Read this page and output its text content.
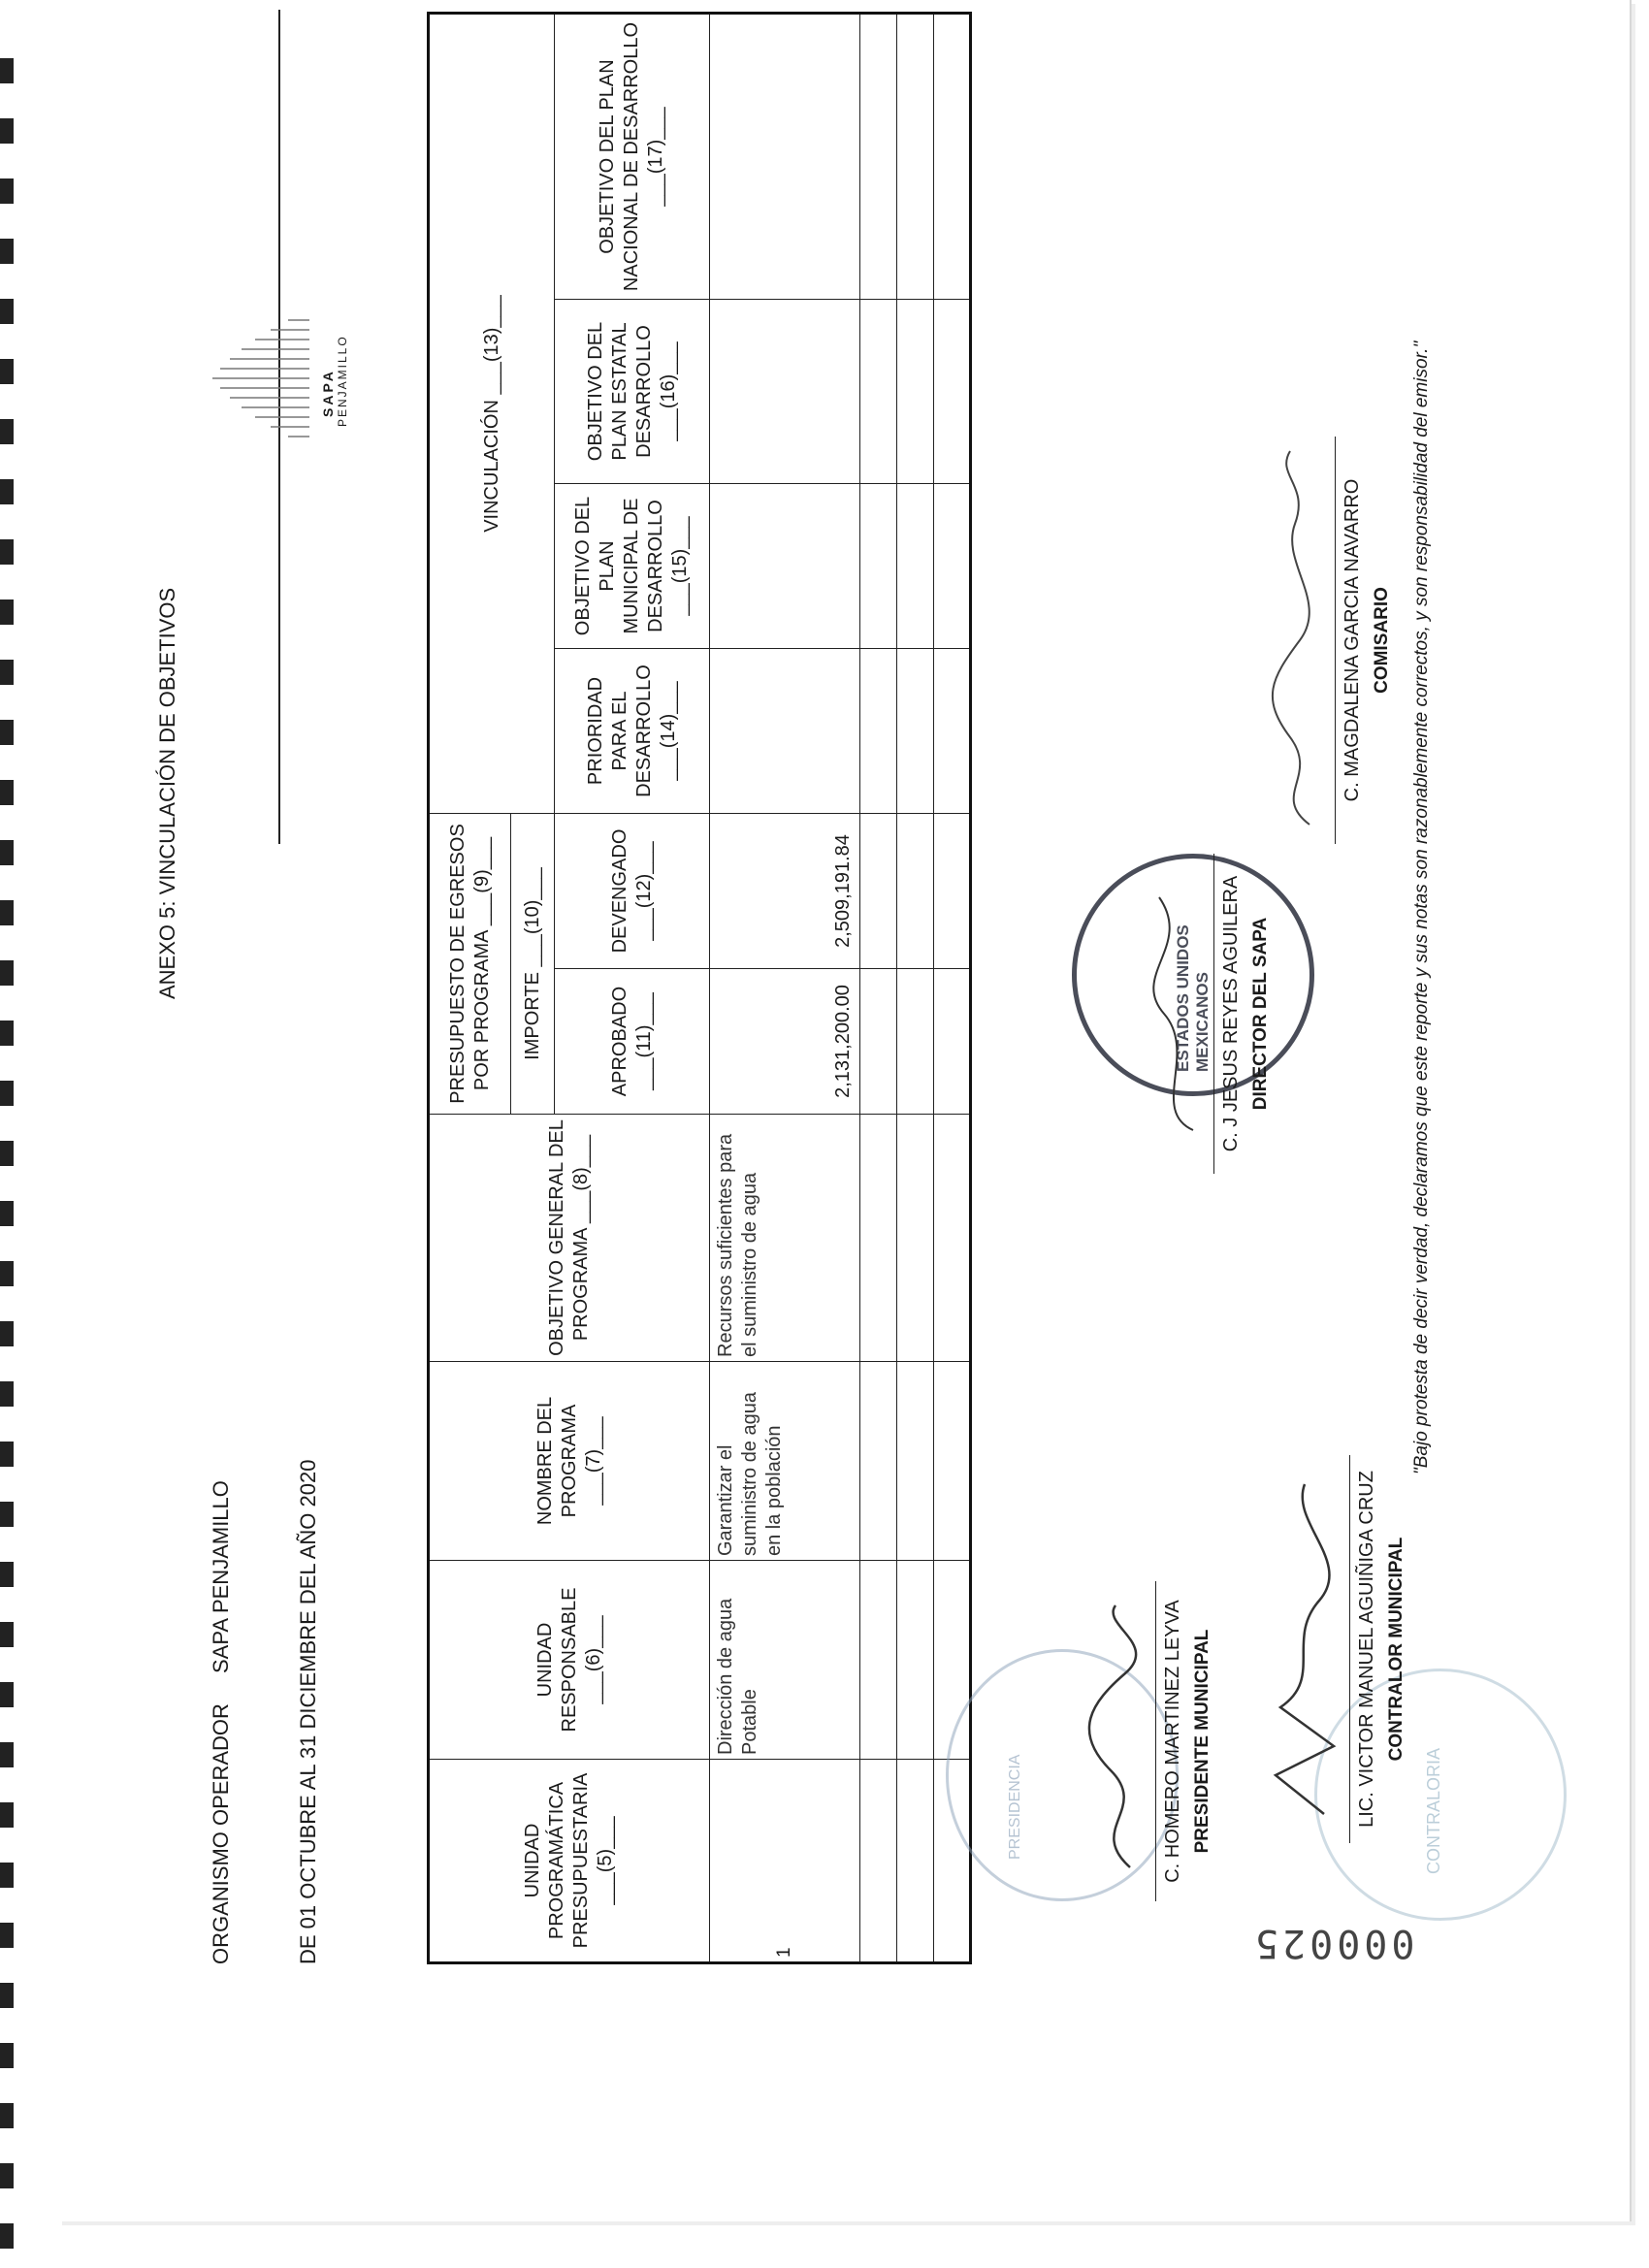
ORGANISMO OPERADOR
SAPA PENJAMILLO	DE 01 OCTUBRE AL 31 DICIEMBRE DEL AÑO 2020
ANEXO 5: VINCULACIÓN DE OBJETIVOS
SAPA PENJAMILLO
UNIDAD PROGRAMÁTICA PRESUPUESTARIA ___(5)___	UNIDAD RESPONSABLE ___(6)___	NOMBRE DEL PROGRAMA ___(7)___	OBJETIVO GENERAL DEL PROGRAMA ___(8)___	PRESUPUESTO DE EGRESOS POR PROGRAMA ___(9)___		VINCULACIÓN ___(13)___			
				IMPORTE ___(10)___					
				APROBADO ___(11)___	DEVENGADO ___(12)___	PRIORIDAD PARA EL DESARROLLO ___(14)___	OBJETIVO DEL PLAN MUNICIPAL DE DESARROLLO ___(15)___	OBJETIVO DEL PLAN ESTATAL DESARROLLO ___(16)___	OBJETIVO DEL PLAN NACIONAL DE DESARROLLO ___(17)___
1	Dirección de agua Potable	Garantizar el suministro de agua en la población	Recursos suficientes para el suministro de agua	2,131,200.00	2,509,191.84				

PRESIDENCIA
ESTADOS UNIDOS MEXICANOS
CONTRALORIA
C. HOMERO MARTINEZ LEYVA PRESIDENTE MUNICIPAL
C. J JESUS REYES AGUILERA DIRECTOR DEL SAPA
C. MAGDALENA GARCIA NAVARRO COMISARIO
LIC. VICTOR MANUEL AGUIÑIGA CRUZ CONTRALOR MUNICIPAL
"Bajo protesta de decir verdad, declaramos que este reporte y sus notas son razonablemente correctos, y son responsabilidad del emisor."
000025
